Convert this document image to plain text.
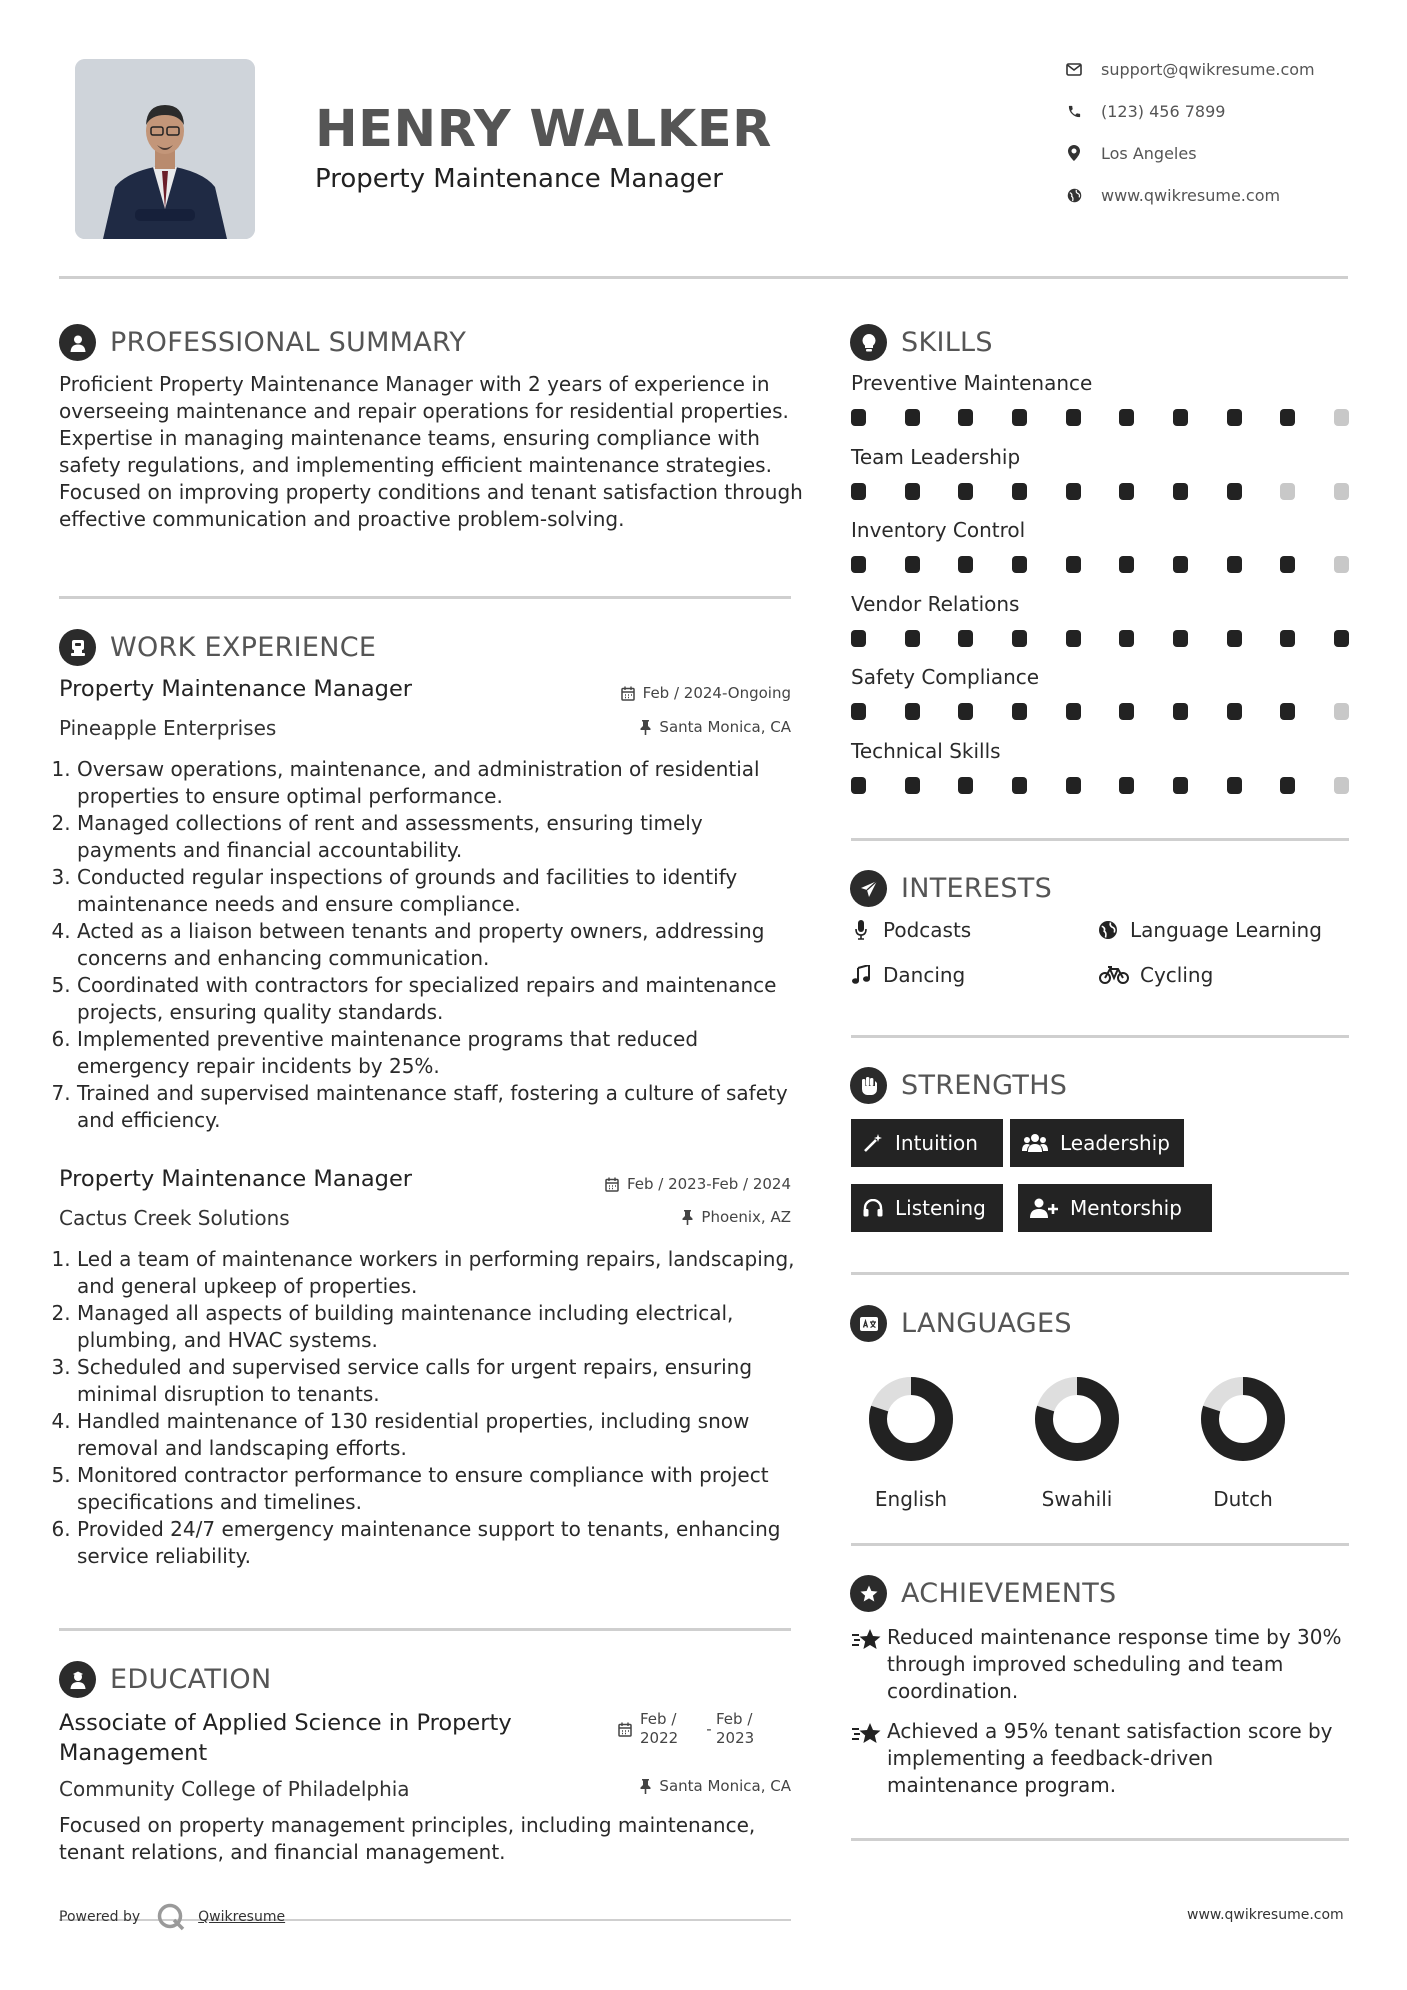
HENRY WALKER
Property Maintenance Manager
support@qwikresume.com
(123) 456 7899
Los Angeles
www.qwikresume.com
PROFESSIONAL SUMMARY
Proficient Property Maintenance Manager with 2 years of experience in overseeing maintenance and repair operations for residential properties. Expertise in managing maintenance teams, ensuring compliance with safety regulations, and implementing efficient maintenance strategies. Focused on improving property conditions and tenant satisfaction through effective communication and proactive problem-solving.
WORK EXPERIENCE
Property Maintenance Manager	Feb / 2024-Ongoing
Pineapple Enterprises	Santa Monica, CA
1. Oversaw operations, maintenance, and administration of residential properties to ensure optimal performance.
2. Managed collections of rent and assessments, ensuring timely payments and financial accountability.
3. Conducted regular inspections of grounds and facilities to identify maintenance needs and ensure compliance.
4. Acted as a liaison between tenants and property owners, addressing concerns and enhancing communication.
5. Coordinated with contractors for specialized repairs and maintenance projects, ensuring quality standards.
6. Implemented preventive maintenance programs that reduced emergency repair incidents by 25%.
7. Trained and supervised maintenance staff, fostering a culture of safety and efficiency.
Property Maintenance Manager	Feb / 2023-Feb / 2024
Cactus Creek Solutions	Phoenix, AZ
1. Led a team of maintenance workers in performing repairs, landscaping, and general upkeep of properties.
2. Managed all aspects of building maintenance including electrical, plumbing, and HVAC systems.
3. Scheduled and supervised service calls for urgent repairs, ensuring minimal disruption to tenants.
4. Handled maintenance of 130 residential properties, including snow removal and landscaping efforts.
5. Monitored contractor performance to ensure compliance with project specifications and timelines.
6. Provided 24/7 emergency maintenance support to tenants, enhancing service reliability.
EDUCATION
Associate of Applied Science in Property Management
Feb / 2022
-
Feb / 2023
Community College of Philadelphia	Santa Monica, CA
Focused on property management principles, including maintenance, tenant relations, and financial management.
SKILLS
Preventive Maintenance
Team Leadership
Inventory Control
Vendor Relations
Safety Compliance
Technical Skills
INTERESTS
Podcasts	Language Learning
Dancing	Cycling
STRENGTHS
Intuition	Leadership
Listening	Mentorship
LANGUAGES
English	Swahili	Dutch
ACHIEVEMENTS
Reduced maintenance response time by 30% through improved scheduling and team coordination.
Achieved a 95% tenant satisfaction score by implementing a feedback-driven maintenance program.
Powered by	Qwikresume	www.qwikresume.com
